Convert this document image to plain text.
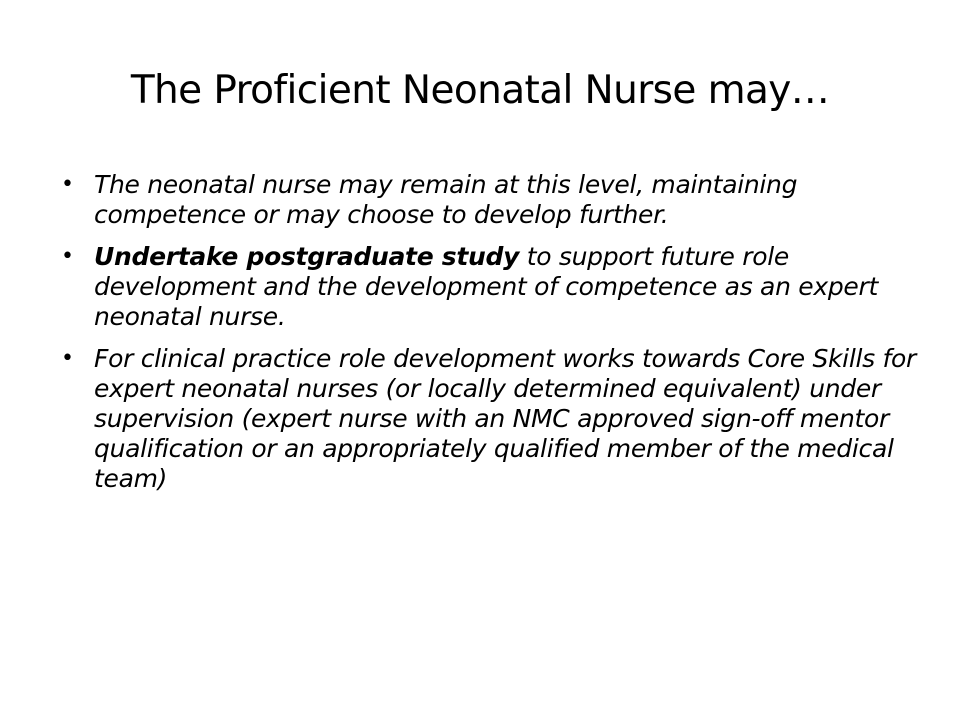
The Proficient Neonatal Nurse may…
• The neonatal nurse may remain at this level, maintaining competence or may choose to develop further.
• Undertake postgraduate study to support future role development and the development of competence as an expert neonatal nurse.
• For clinical practice role development works towards Core Skills for expert neonatal nurses (or locally determined equivalent) under supervision (expert nurse with an NMC approved sign-off mentor qualification or an appropriately qualified member of the medical team)
